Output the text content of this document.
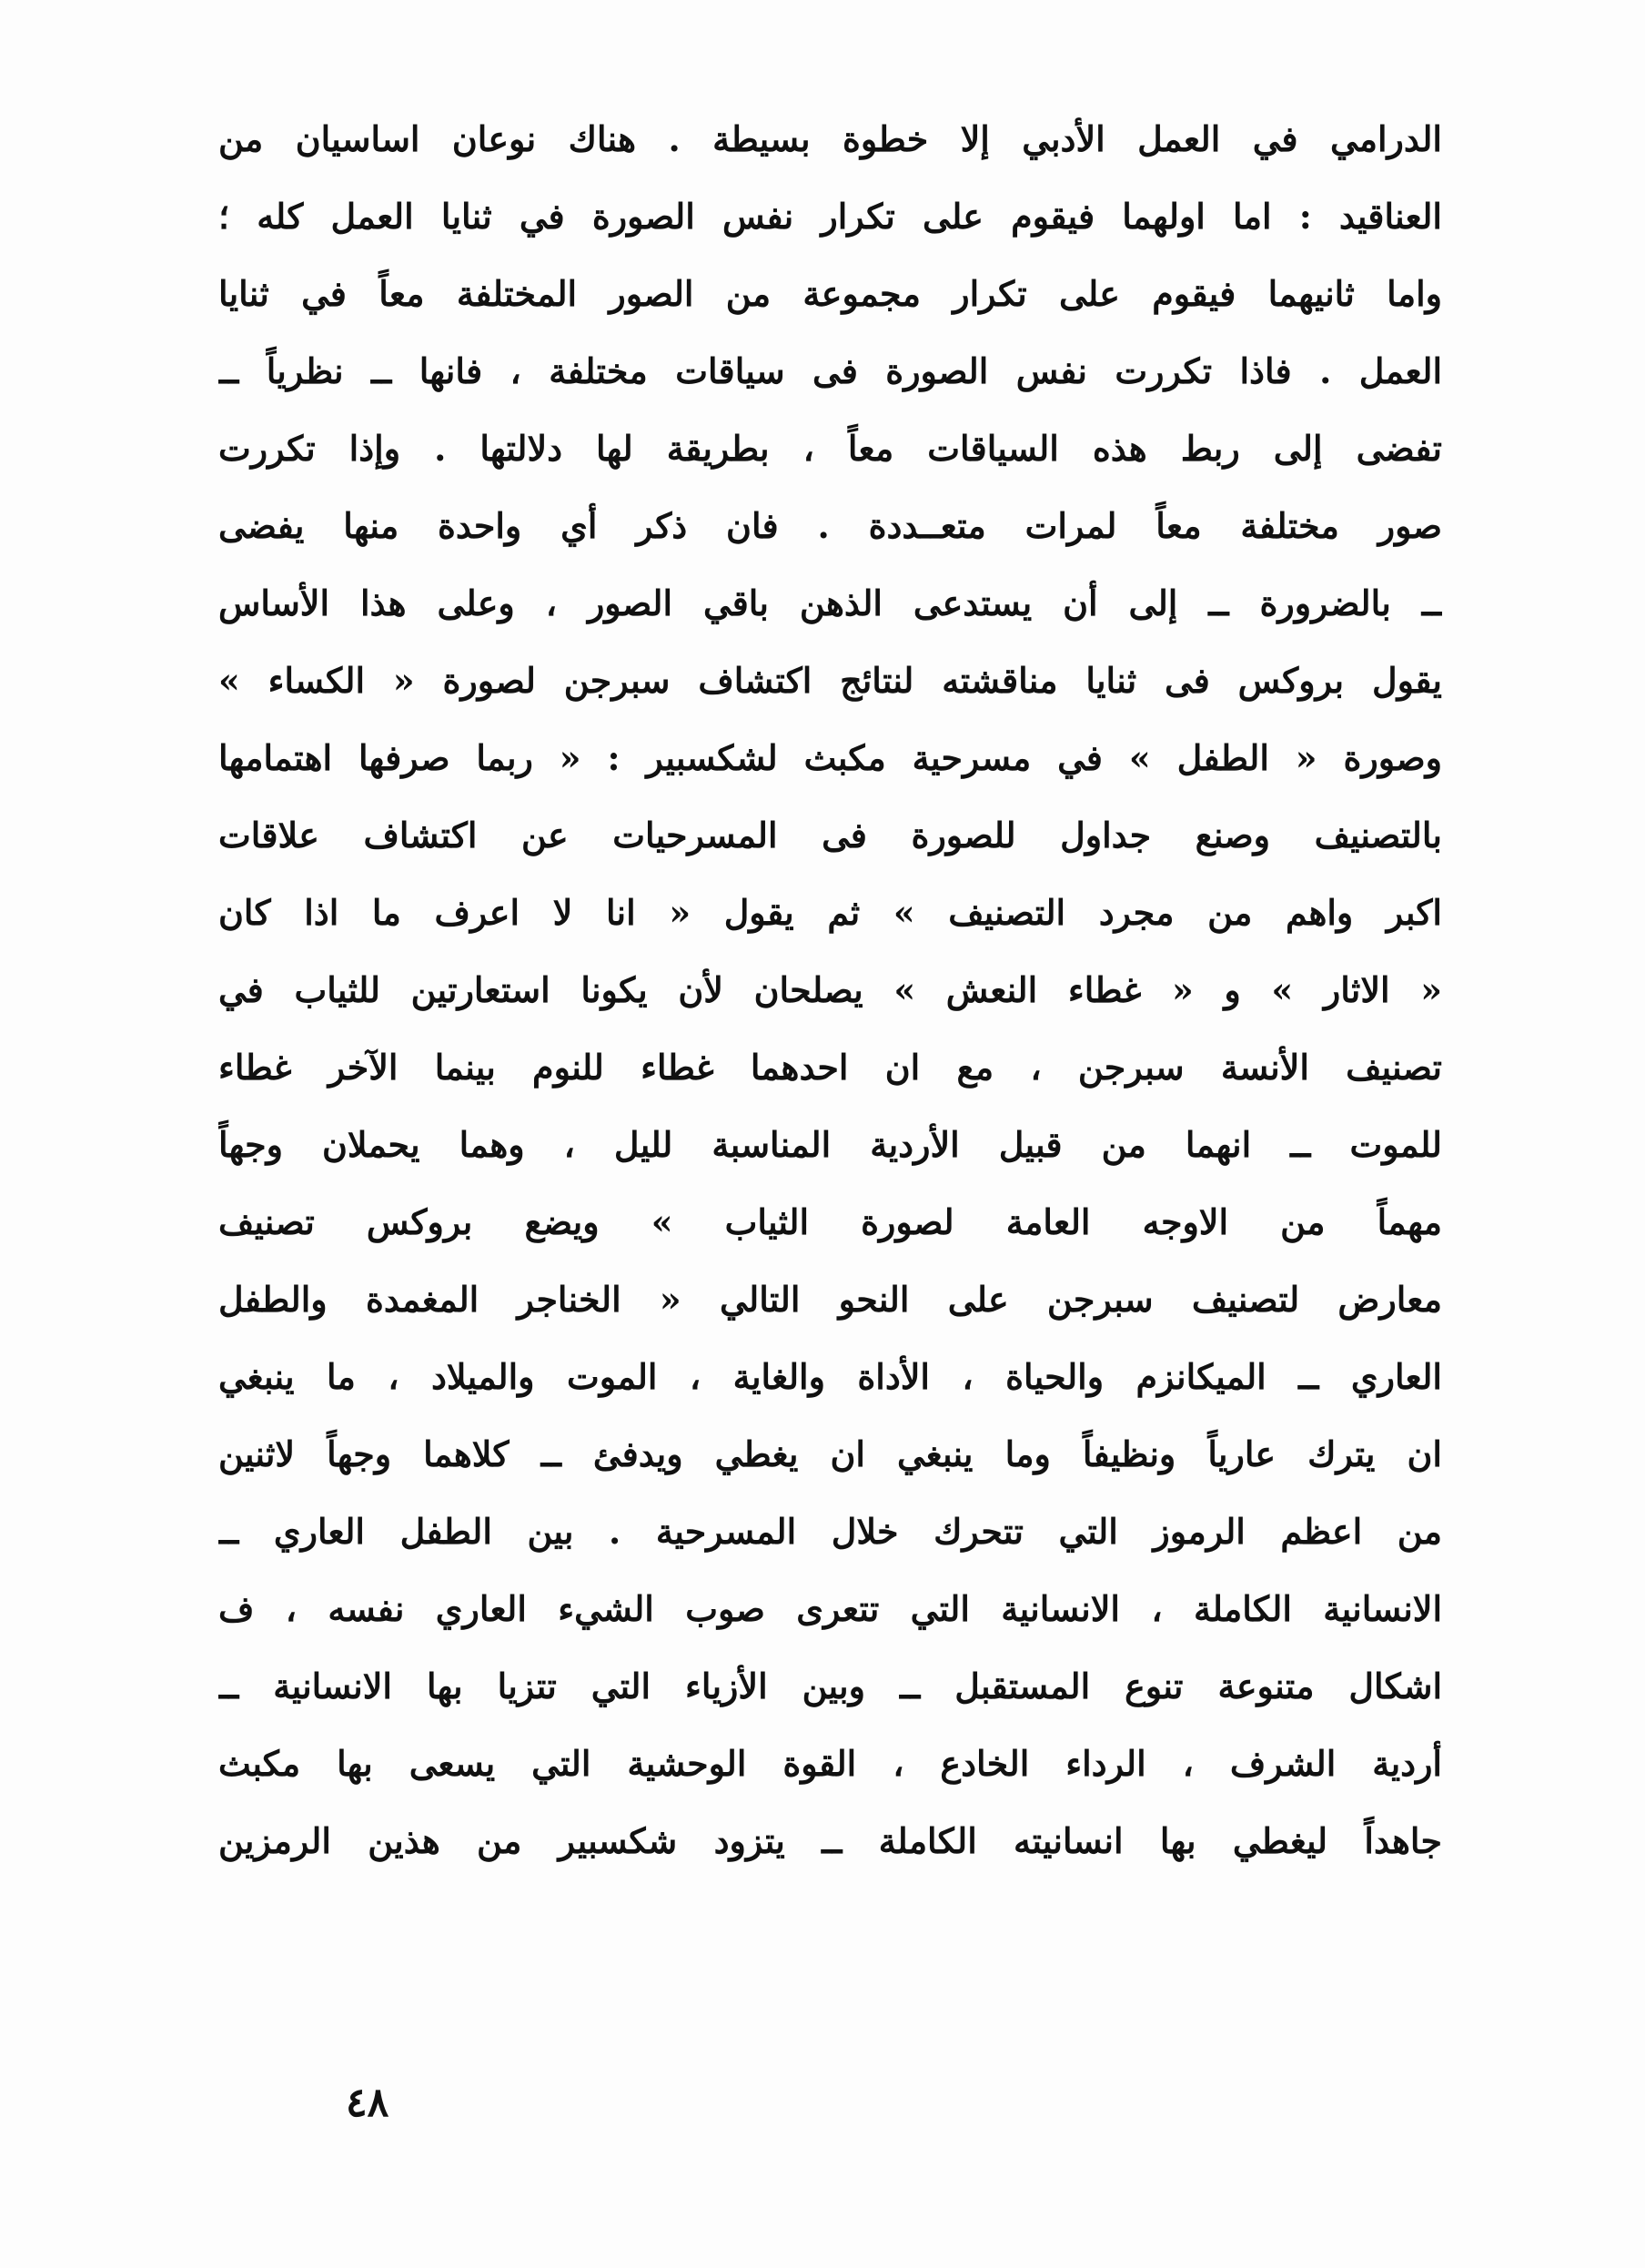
الدرامي في العمل الأدبي إلا خطوة بسيطة . هناك نوعان اساسيان من
العناقيد : اما اولهما فيقوم على تكرار نفس الصورة في ثنايا العمل كله ؛
واما ثانيهما فيقوم على تكرار مجموعة من الصور المختلفة معاً في ثنايا
العمل . فاذا تكررت نفس الصورة فى سياقات مختلفة ، فانها ــ نظرياً ــ
تفضى إلى ربط هذه السياقات معاً ، بطريقة لها دلالتها . وإذا تكررت
صور مختلفة معاً لمرات متعــددة . فان ذكر أي واحدة منها يفضى
ــ بالضرورة ــ إلى أن يستدعى الذهن باقي الصور ، وعلى هذا الأساس
يقول بروكس فى ثنايا مناقشته لنتائج اكتشاف سبرجن لصورة « الكساء »
وصورة « الطفل » في مسرحية مكبث لشكسبير : « ربما صرفها اهتمامها
بالتصنيف وصنع جداول للصورة فى المسرحيات عن اكتشاف علاقات
اكبر واهم من مجرد التصنيف » ثم يقول « انا لا اعرف ما اذا كان
« الاثار » و « غطاء النعش » يصلحان لأن يكونا استعارتين للثياب في
تصنيف الأنسة سبرجن ، مع ان احدهما غطاء للنوم بينما الآخر غطاء
للموت ــ انهما من قبيل الأردية المناسبة لليل ، وهما يحملان وجهاً
مهماً من الاوجه العامة لصورة الثياب » ويضع بروكس تصنيف
معارض لتصنيف سبرجن على النحو التالي « الخناجر المغمدة والطفل
العاري ــ الميكانزم والحياة ، الأداة والغاية ، الموت والميلاد ، ما ينبغي
ان يترك عارياً ونظيفاً وما ينبغي ان يغطي ويدفئ ــ كلاهما وجهاً لاثنين
من اعظم الرموز التي تتحرك خلال المسرحية . بين الطفل العاري ــ
الانسانية الكاملة ، الانسانية التي تتعرى صوب الشيء العاري نفسه ، ف
اشكال متنوعة تنوع المستقبل ــ وبين الأزياء التي تتزيا بها الانسانية ــ
أردية الشرف ، الرداء الخادع ، القوة الوحشية التي يسعى بها مكبث
جاهداً ليغطي بها انسانيته الكاملة ــ يتزود شكسبير من هذين الرمزين
٤٨
